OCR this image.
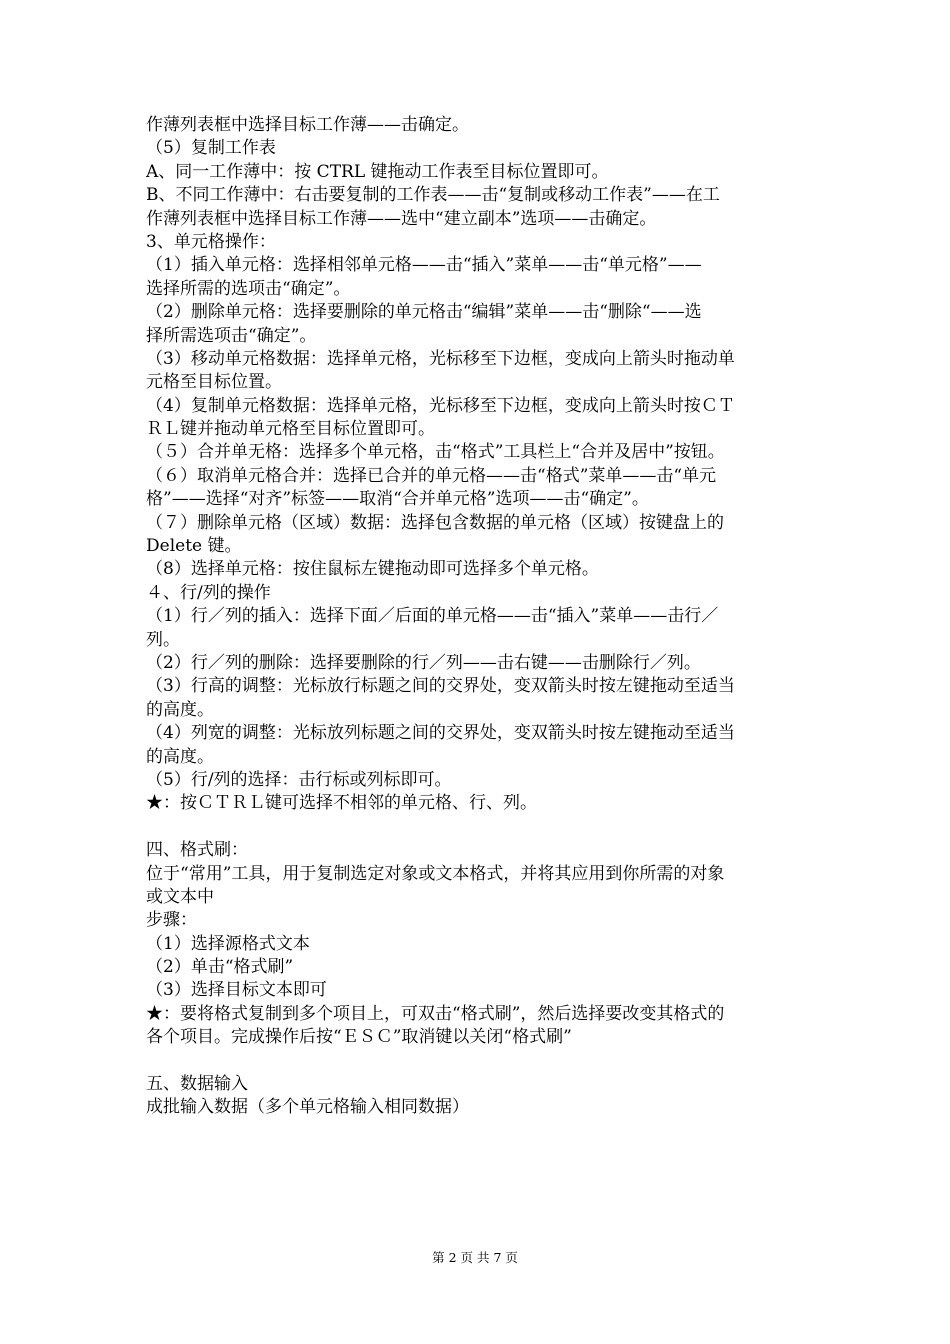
作薄列表框中选择目标工作薄——击确定。
（5）复制工作表
A、同一工作薄中：按 CTRL 键拖动工作表至目标位置即可。
B、不同工作薄中：右击要复制的工作表——击“复制或移动工作表”——在工
作薄列表框中选择目标工作薄——选中“建立副本”选项——击确定。
3、单元格操作：
（1）插入单元格：选择相邻单元格——击“插入”菜单——击“单元格”——
选择所需的选项击“确定”。
（2）删除单元格：选择要删除的单元格击“编辑”菜单——击“删除“——选
择所需选项击“确定”。
（3）移动单元格数据：选择单元格，光标移至下边框，变成向上箭头时拖动单
元格至目标位置。
（4）复制单元格数据：选择单元格，光标移至下边框，变成向上箭头时按ＣＴ
ＲＬ键并拖动单元格至目标位置即可。
（５）合并单无格：选择多个单元格，击“格式”工具栏上“合并及居中”按钮。
（６）取消单元格合并：选择已合并的单元格——击“格式”菜单——击“单元
格”——选择“对齐”标签——取消“合并单元格”选项——击“确定”。
（７）删除单元格（区域）数据：选择包含数据的单元格（区域）按键盘上的
Delete 键。
（8）选择单元格：按住鼠标左键拖动即可选择多个单元格。
４、行/列的操作
（1）行／列的插入：选择下面／后面的单元格——击“插入”菜单——击行／
列。
（2）行／列的删除：选择要删除的行／列——击右键——击删除行／列。
（3）行高的调整：光标放行标题之间的交界处，变双箭头时按左键拖动至适当
的高度。
（4）列宽的调整：光标放列标题之间的交界处，变双箭头时按左键拖动至适当
的高度。
（5）行/列的选择：击行标或列标即可。
★：按ＣＴＲＬ键可选择不相邻的单元格、行、列。
四、格式刷：
位于“常用”工具，用于复制选定对象或文本格式，并将其应用到你所需的对象
或文本中
步骤：
（1）选择源格式文本
（2）单击“格式刷”
（3）选择目标文本即可
★：要将格式复制到多个项目上，可双击“格式刷”，然后选择要改变其格式的
各个项目。完成操作后按“ＥＳＣ”取消键以关闭“格式刷”
五、数据输入
成批输入数据（多个单元格输入相同数据）
第 2 页 共 7 页
